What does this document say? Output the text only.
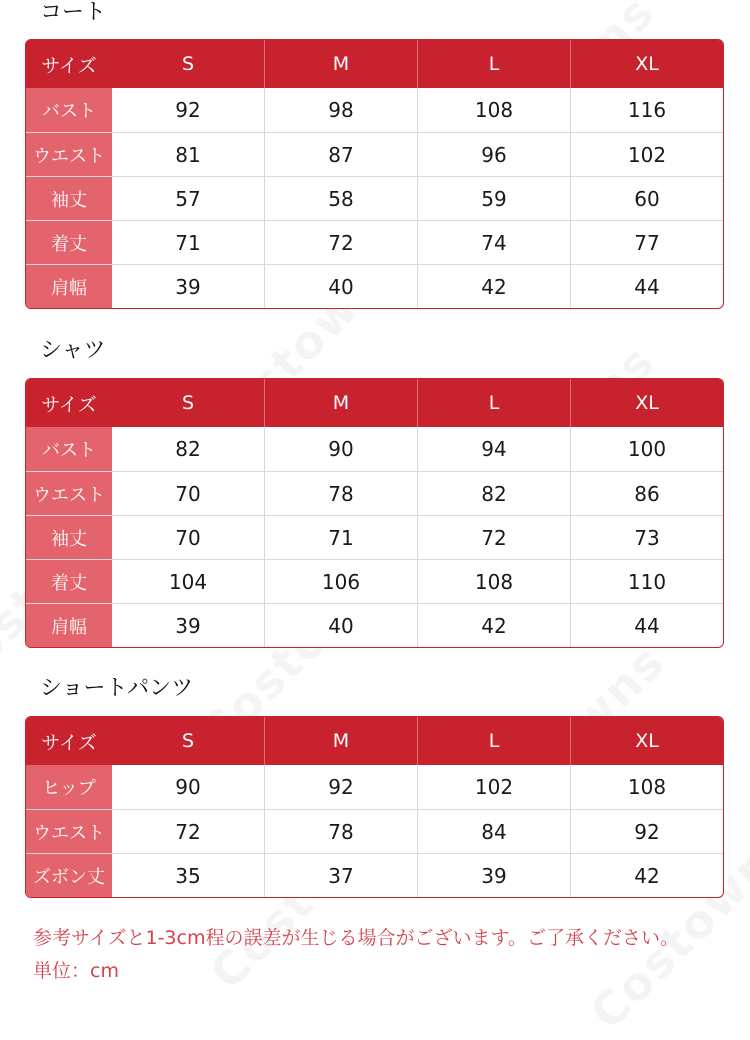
コート
サイズ	S	M	L	XL
バスト	92	98	108	116
ウエスト	81	87	96	102
袖丈	57	58	59	60
着丈	71	72	74	77
肩幅	39	40	42	44
シャツ
サイズ	S	M	L	XL
バスト	82	90	94	100
ウエスト	70	78	82	86
袖丈	70	71	72	73
着丈	104	106	108	110
肩幅	39	40	42	44
ショートパンツ
サイズ	S	M	L	XL
ヒップ	90	92	102	108
ウエスト	72	78	84	92
ズボン丈	35	37	39	42
参考サイズと1-3cm程の誤差が生じる場合がございます。ご了承ください。
単位：cm
